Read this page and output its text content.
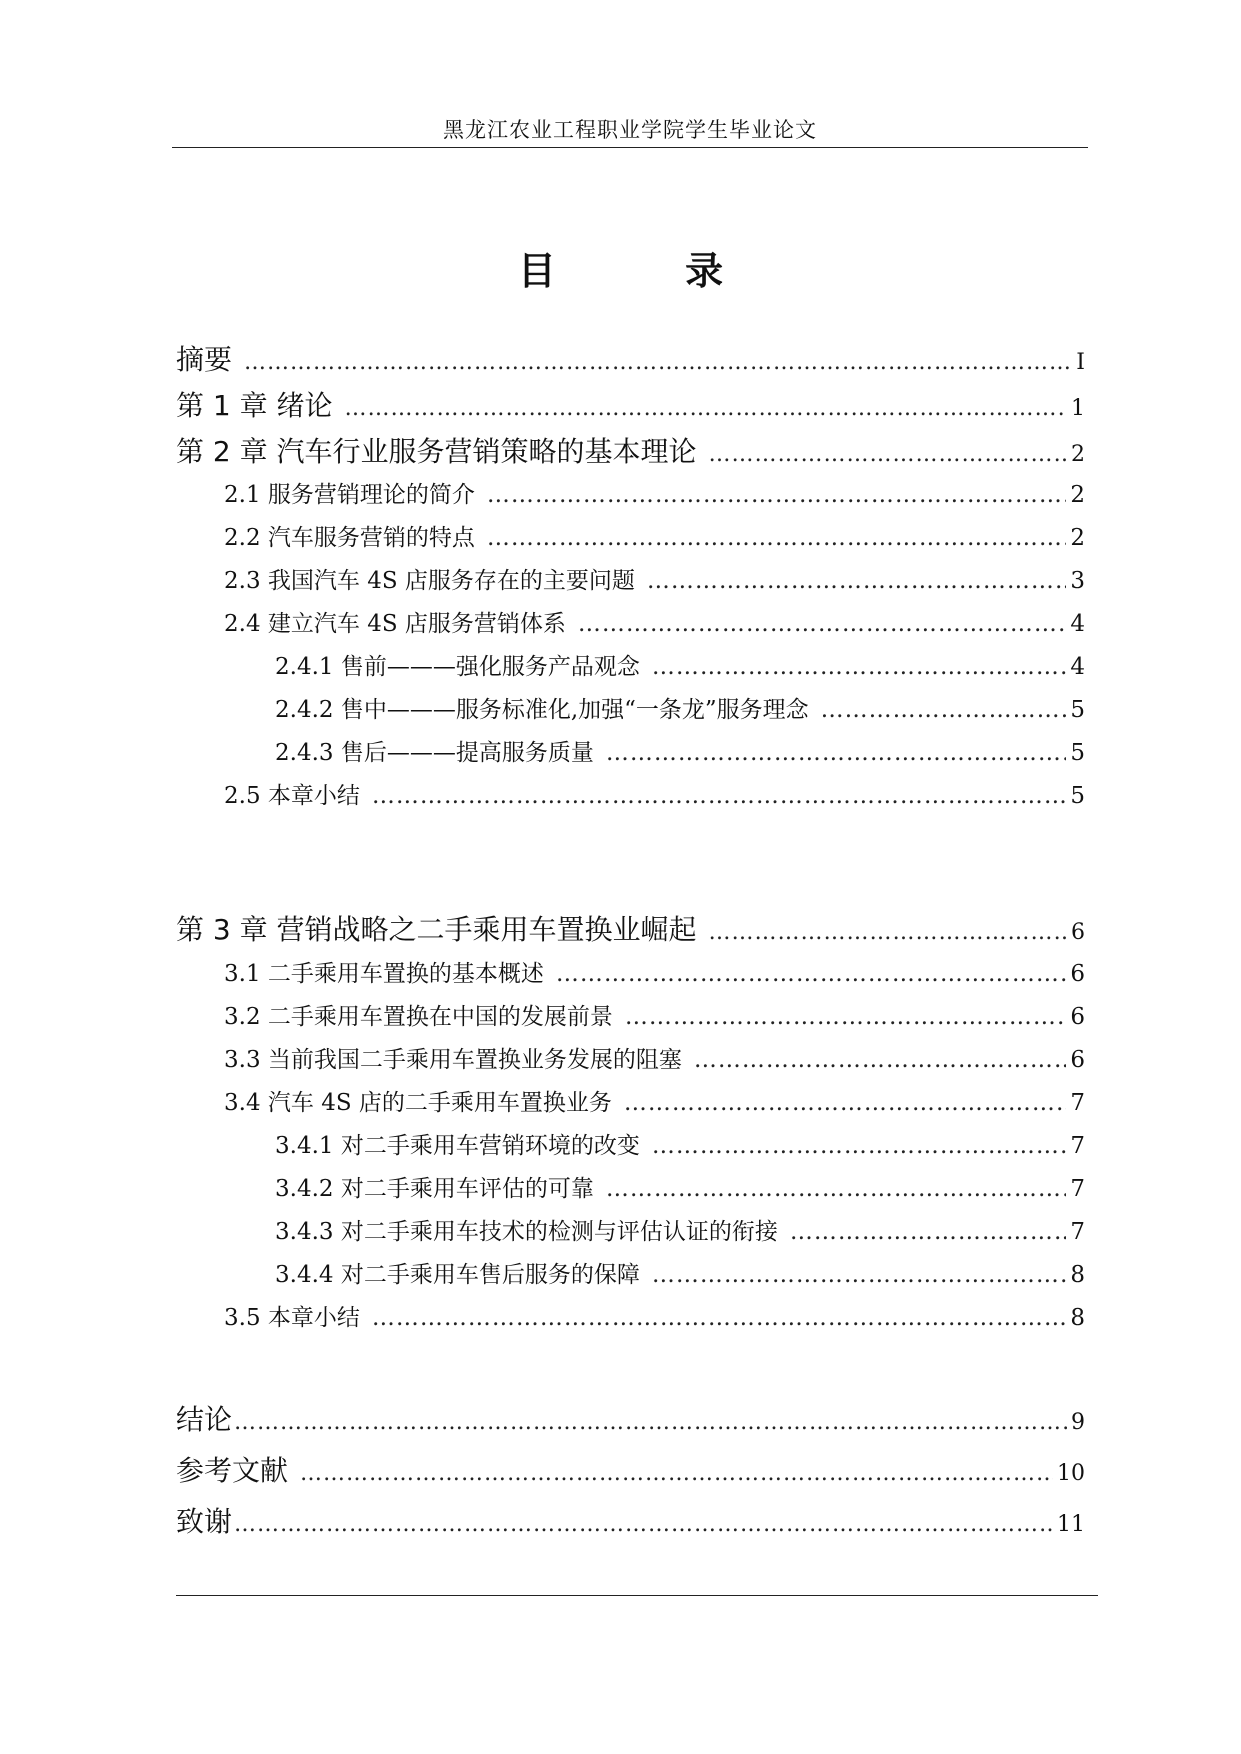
黑龙江农业工程职业学院学生毕业论文
目 录
摘要 …………………………………………………………………………………………………………………………………………………………………………………………	I
第 1 章 绪论 …………………………………………………………………………………………………………………………………………………………………………………………	1
第 2 章 汽车行业服务营销策略的基本理论 …………………………………………………………………………………………………………………………………………………………………………………………	2
2.1 服务营销理论的简介 …………………………………………………………………………………………………………………………………………………………………………………………	2
2.2 汽车服务营销的特点 …………………………………………………………………………………………………………………………………………………………………………………………	2
2.3 我国汽车 4S 店服务存在的主要问题 …………………………………………………………………………………………………………………………………………………………………………………………	3
2.4 建立汽车 4S 店服务营销体系 …………………………………………………………………………………………………………………………………………………………………………………………	4
2.4.1 售前———强化服务产品观念 …………………………………………………………………………………………………………………………………………………………………………………………	4
2.4.2 售中———服务标准化,加强“一条龙”服务理念 …………………………………………………………………………………………………………………………………………………………………………………………	5
2.4.3 售后———提高服务质量 …………………………………………………………………………………………………………………………………………………………………………………………	5
2.5 本章小结 …………………………………………………………………………………………………………………………………………………………………………………………	5
第 3 章 营销战略之二手乘用车置换业崛起 …………………………………………………………………………………………………………………………………………………………………………………………	6
3.1 二手乘用车置换的基本概述 …………………………………………………………………………………………………………………………………………………………………………………………	6
3.2 二手乘用车置换在中国的发展前景 …………………………………………………………………………………………………………………………………………………………………………………………	6
3.3 当前我国二手乘用车置换业务发展的阻塞 …………………………………………………………………………………………………………………………………………………………………………………………	6
3.4 汽车 4S 店的二手乘用车置换业务 …………………………………………………………………………………………………………………………………………………………………………………………	7
3.4.1 对二手乘用车营销环境的改变 …………………………………………………………………………………………………………………………………………………………………………………………	7
3.4.2 对二手乘用车评估的可靠 …………………………………………………………………………………………………………………………………………………………………………………………	7
3.4.3 对二手乘用车技术的检测与评估认证的衔接 …………………………………………………………………………………………………………………………………………………………………………………………	7
3.4.4 对二手乘用车售后服务的保障 …………………………………………………………………………………………………………………………………………………………………………………………	8
3.5 本章小结 …………………………………………………………………………………………………………………………………………………………………………………………	8
结论 …………………………………………………………………………………………………………………………………………………………………………………………	9
参考文献 …………………………………………………………………………………………………………………………………………………………………………………………	10
致谢 …………………………………………………………………………………………………………………………………………………………………………………………	11
